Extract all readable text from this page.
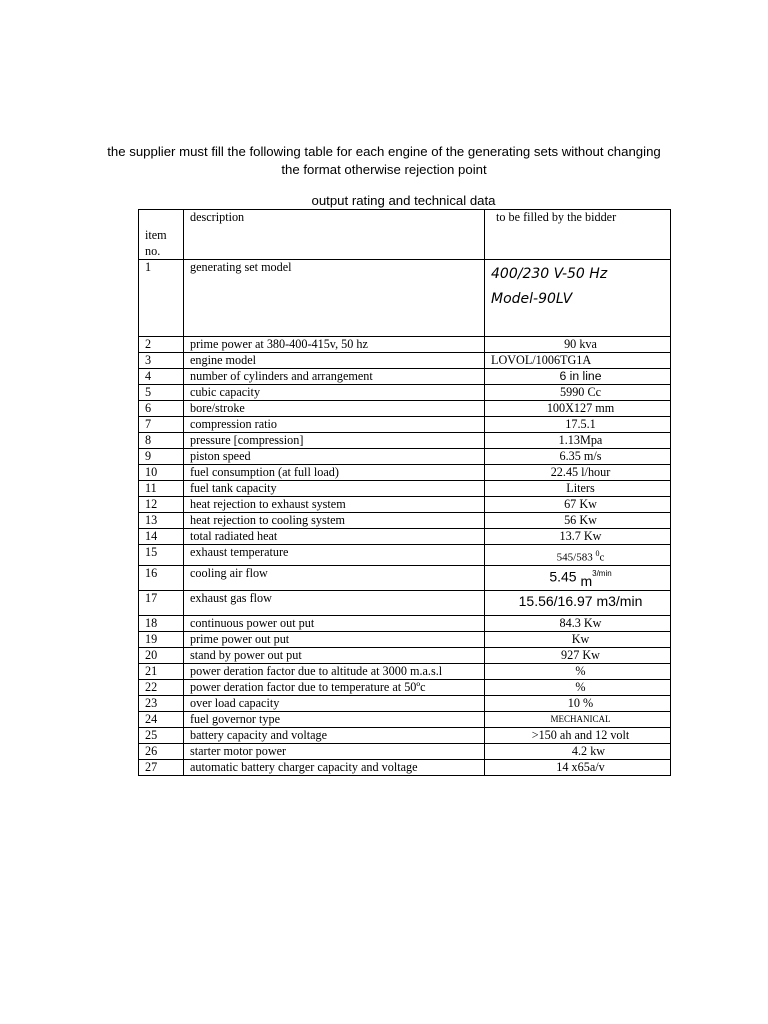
the supplier must fill the following table for each engine of the generating sets without changing
the format otherwise rejection point
output rating and technical data
item
no.	description	to be filled by the bidder
1	generating set model	400/230 V-50 Hz
Model-90LV

2	prime power at 380-400-415v, 50 hz	90 kva
3	engine model	LOVOL/1006TG1A
4	number of cylinders and arrangement	6 in line
5	cubic capacity	5990 Cc
6	bore/stroke	100X127 mm
7	compression ratio	17.5.1
8	pressure [compression]	1.13Mpa
9	piston speed	6.35 m/s
10	fuel consumption (at full load)	22.45 l/hour
11	fuel tank capacity	Liters
12	heat rejection to exhaust system	67 Kw
13	heat rejection to cooling system	56 Kw
14	total radiated heat	13.7 Kw
15	exhaust temperature	545/583 $^0$c
16	cooling air flow	5.45 $m^{3/min}$
17	exhaust gas flow	15.56/16.97 m3/min
18	continuous power out put	84.3 Kw
19	prime power out put	Kw
20	stand by power out put	927 Kw
21	power deration factor due to altitude at 3000 m.a.s.l	%
22	power deration factor due to temperature at 50ºc	%
23	over load capacity	10 %
24	fuel governor type	MECHANICAL
25	battery capacity and voltage	>150 ah and 12 volt
26	starter motor power	4.2 kw
27	automatic battery charger capacity and voltage	14 x65a/v
